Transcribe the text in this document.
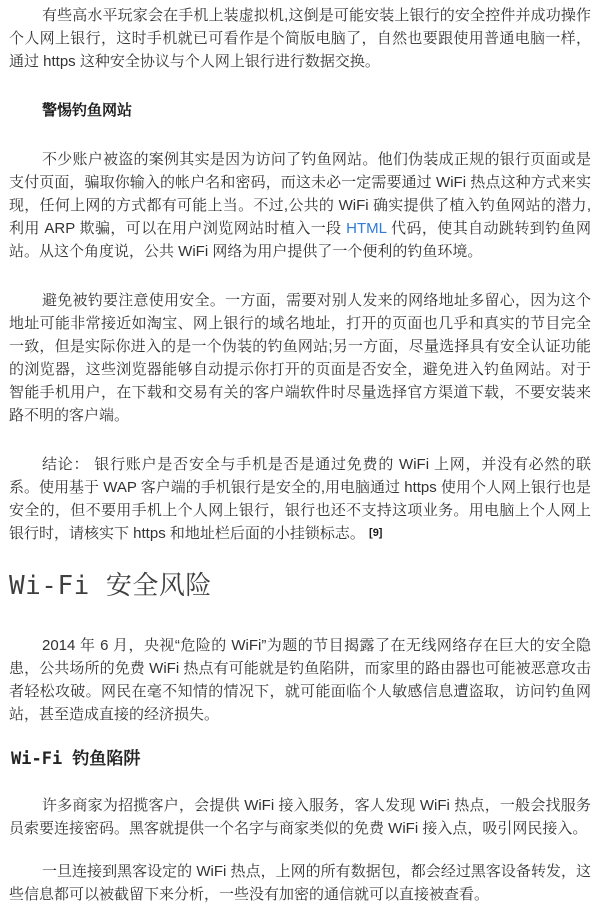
有些高水平玩家会在手机上装虚拟机,这倒是可能安装上银行的安全控件并成功操作个人网上银行，这时手机就已可看作是个简版电脑了，自然也要跟使用普通电脑一样，通过 https 这种安全协议与个人网上银行进行数据交换。

警惕钓鱼网站

不少账户被盗的案例其实是因为访问了钓鱼网站。他们伪装成正规的银行页面或是支付页面，骗取你输入的帐户名和密码，而这未必一定需要通过 WiFi 热点这种方式来实现，任何上网的方式都有可能上当。不过,公共的 WiFi 确实提供了植入钓鱼网站的潜力,利用 ARP 欺骗，可以在用户浏览网站时植入一段 HTML 代码，使其自动跳转到钓鱼网站。从这个角度说，公共 WiFi 网络为用户提供了一个便利的钓鱼环境。

避免被钓要注意使用安全。一方面，需要对别人发来的网络地址多留心，因为这个地址可能非常接近如淘宝、网上银行的域名地址，打开的页面也几乎和真实的节目完全一致，但是实际你进入的是一个伪装的钓鱼网站;另一方面，尽量选择具有安全认证功能的浏览器，这些浏览器能够自动提示你打开的页面是否安全，避免进入钓鱼网站。对于智能手机用户，在下载和交易有关的客户端软件时尽量选择官方渠道下载，不要安装来路不明的客户端。

结论： 银行账户是否安全与手机是否是通过免费的 WiFi 上网，并没有必然的联系。使用基于 WAP 客户端的手机银行是安全的,用电脑通过 https 使用个人网上银行也是安全的，但不要用手机上个人网上银行，银行也还不支持这项业务。用电脑上个人网上银行时，请核实下 https 和地址栏后面的小挂锁标志。 [9]

Wi-Fi 安全风险

2014 年 6 月，央视“危险的 WiFi”为题的节目揭露了在无线网络存在巨大的安全隐患，公共场所的免费 WiFi 热点有可能就是钓鱼陷阱，而家里的路由器也可能被恶意攻击者轻松攻破。网民在毫不知情的情况下，就可能面临个人敏感信息遭盗取，访问钓鱼网站，甚至造成直接的经济损失。

Wi-Fi 钓鱼陷阱

许多商家为招揽客户，会提供 WiFi 接入服务，客人发现 WiFi 热点，一般会找服务员索要连接密码。黑客就提供一个名字与商家类似的免费 WiFi 接入点，吸引网民接入。

一旦连接到黑客设定的 WiFi 热点，上网的所有数据包，都会经过黑客设备转发，这些信息都可以被截留下来分析，一些没有加密的通信就可以直接被查看。
